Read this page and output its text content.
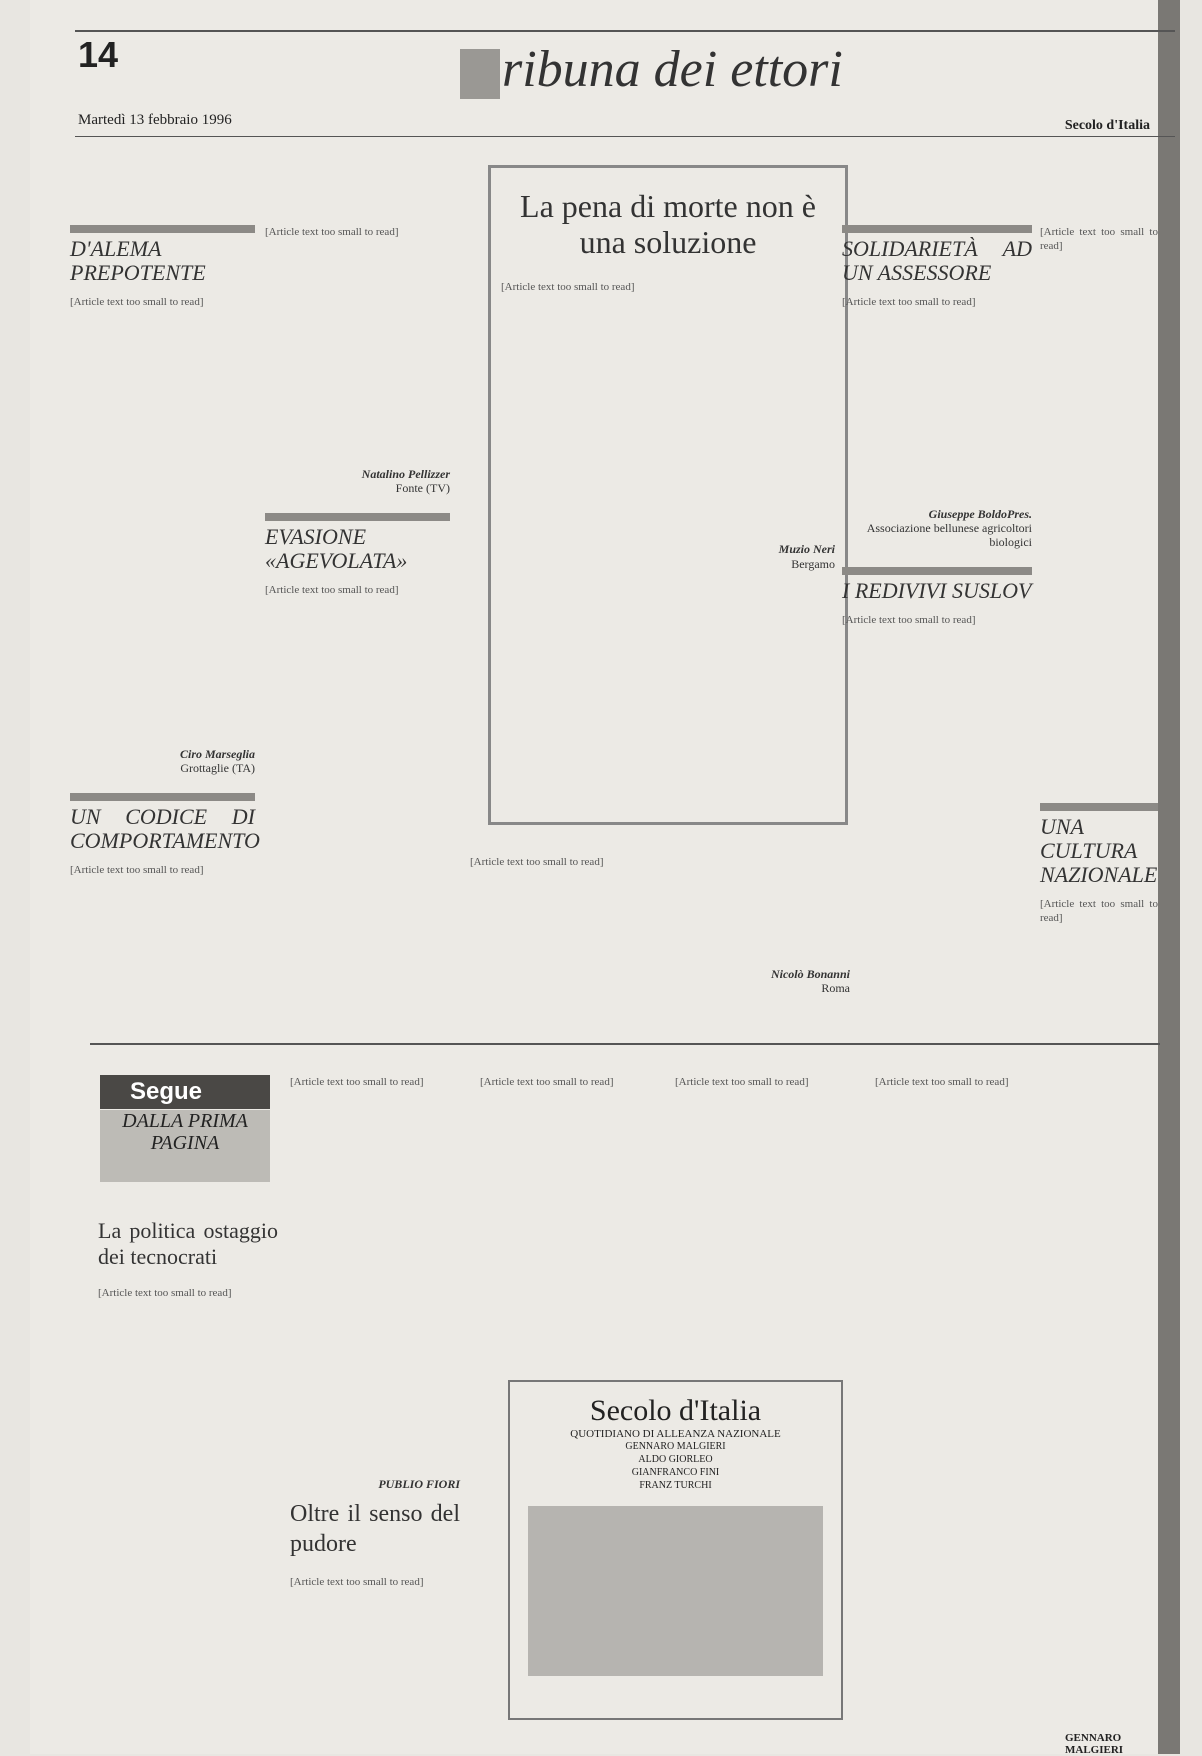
14	ribuna dei ettori
Martedì 13 febbraio 1996	Secolo d'Italia
D'ALEMA PREPOTENTE
[Article text too small to read]
Ciro Marseglia
Grottaglie (TA)
UN CODICE DI COMPORTAMENTO
[Article text too small to read]
[Article text too small to read]
Natalino Pellizzer
Fonte (TV)
EVASIONE «AGEVOLATA»
[Article text too small to read]
La pena di morte non è una soluzione
[Article text too small to read]
Muzio Neri
Bergamo
[Article text too small to read]
Nicolò Bonanni
Roma
SOLIDARIETÀ AD UN ASSESSORE
[Article text too small to read]
Giuseppe BoldoPres.
Associazione bellunese agricoltori biologici
I REDIVIVI SUSLOV
[Article text too small to read]
[Article text too small to read]
UNA CULTURA NAZIONALE
[Article text too small to read]
Segue
DALLA PRIMA PAGINA
La politica ostaggio dei tecnocrati
[Article text too small to read]
[Article text too small to read]
PUBLIO FIORI
Oltre il senso del pudore
[Article text too small to read]
[Article text too small to read]	[Article text too small to read]	[Article text too small to read]
Secolo d'Italia
QUOTIDIANO DI ALLEANZA NAZIONALE
GENNARO MALGIERI
ALDO GIORLEO
GIANFRANCO FINI
FRANZ TURCHI
GENNARO MALGIERI
